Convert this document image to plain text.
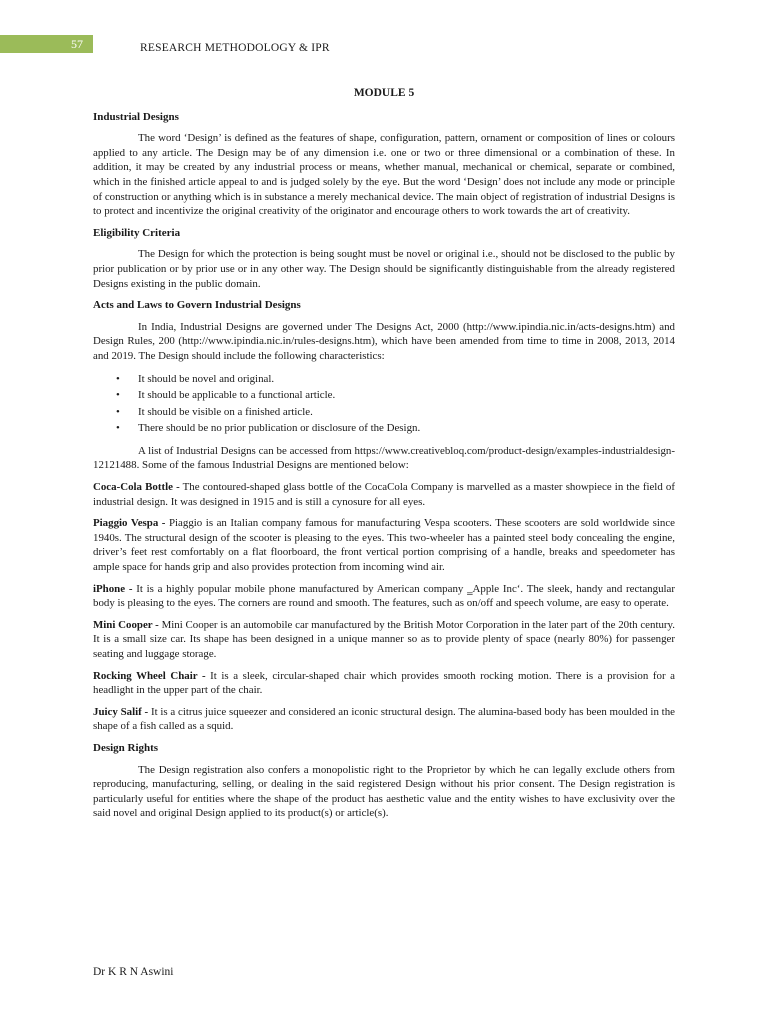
57	RESEARCH METHODOLOGY & IPR
MODULE 5
Industrial Designs

The word ‘Design’ is defined as the features of shape, configuration, pattern, ornament or composition of lines or colours applied to any article. The Design may be of any dimension i.e. one or two or three dimensional or a combination of these. In addition, it may be created by any industrial process or means, whether manual, mechanical or chemical, separate or combined, which in the finished article appeal to and is judged solely by the eye. But the word ‘Design’ does not include any mode or principle of construction or anything which is in substance a merely mechanical device. The main object of registration of industrial Designs is to protect and incentivize the original creativity of the originator and encourage others to work towards the art of creativity.

Eligibility Criteria

The Design for which the protection is being sought must be novel or original i.e., should not be disclosed to the public by prior publication or by prior use or in any other way. The Design should be significantly distinguishable from the already registered Designs existing in the public domain.

Acts and Laws to Govern Industrial Designs

In India, Industrial Designs are governed under The Designs Act, 2000 (http://www.ipindia.nic.in/acts-designs.htm) and Design Rules, 200 (http://www.ipindia.nic.in/rules-designs.htm), which have been amended from time to time in 2008, 2013, 2014 and 2019. The Design should include the following characteristics:

• It should be novel and original.
• It should be applicable to a functional article.
• It should be visible on a finished article.
• There should be no prior publication or disclosure of the Design.

A list of Industrial Designs can be accessed from https://www.creativebloq.com/product-design/examples-industrialdesign-12121488. Some of the famous Industrial Designs are mentioned below:

Coca-Cola Bottle - The contoured-shaped glass bottle of the CocaCola Company is marvelled as a master showpiece in the field of industrial design. It was designed in 1915 and is still a cynosure for all eyes.

Piaggio Vespa - Piaggio is an Italian company famous for manufacturing Vespa scooters. These scooters are sold worldwide since 1940s. The structural design of the scooter is pleasing to the eyes. This two-wheeler has a painted steel body concealing the engine, driver’s feet rest comfortably on a flat floorboard, the front vertical portion comprising of a handle, breaks and speedometer has ample space for hands grip and also provides protection from incoming wind air.

iPhone - It is a highly popular mobile phone manufactured by American company ‗Apple Inc‘. The sleek, handy and rectangular body is pleasing to the eyes. The corners are round and smooth. The features, such as on/off and speech volume, are easy to operate.

Mini Cooper - Mini Cooper is an automobile car manufactured by the British Motor Corporation in the later part of the 20th century. It is a small size car. Its shape has been designed in a unique manner so as to provide plenty of space (nearly 80%) for passenger seating and luggage storage.

Rocking Wheel Chair - It is a sleek, circular-shaped chair which provides smooth rocking motion. There is a provision for a headlight in the upper part of the chair.

Juicy Salif - It is a citrus juice squeezer and considered an iconic structural design. The alumina-based body has been moulded in the shape of a fish called as a squid.

Design Rights

The Design registration also confers a monopolistic right to the Proprietor by which he can legally exclude others from reproducing, manufacturing, selling, or dealing in the said registered Design without his prior consent. The Design registration is particularly useful for entities where the shape of the product has aesthetic value and the entity wishes to have exclusivity over the said novel and original Design applied to its product(s) or article(s).

Dr K R N Aswini
